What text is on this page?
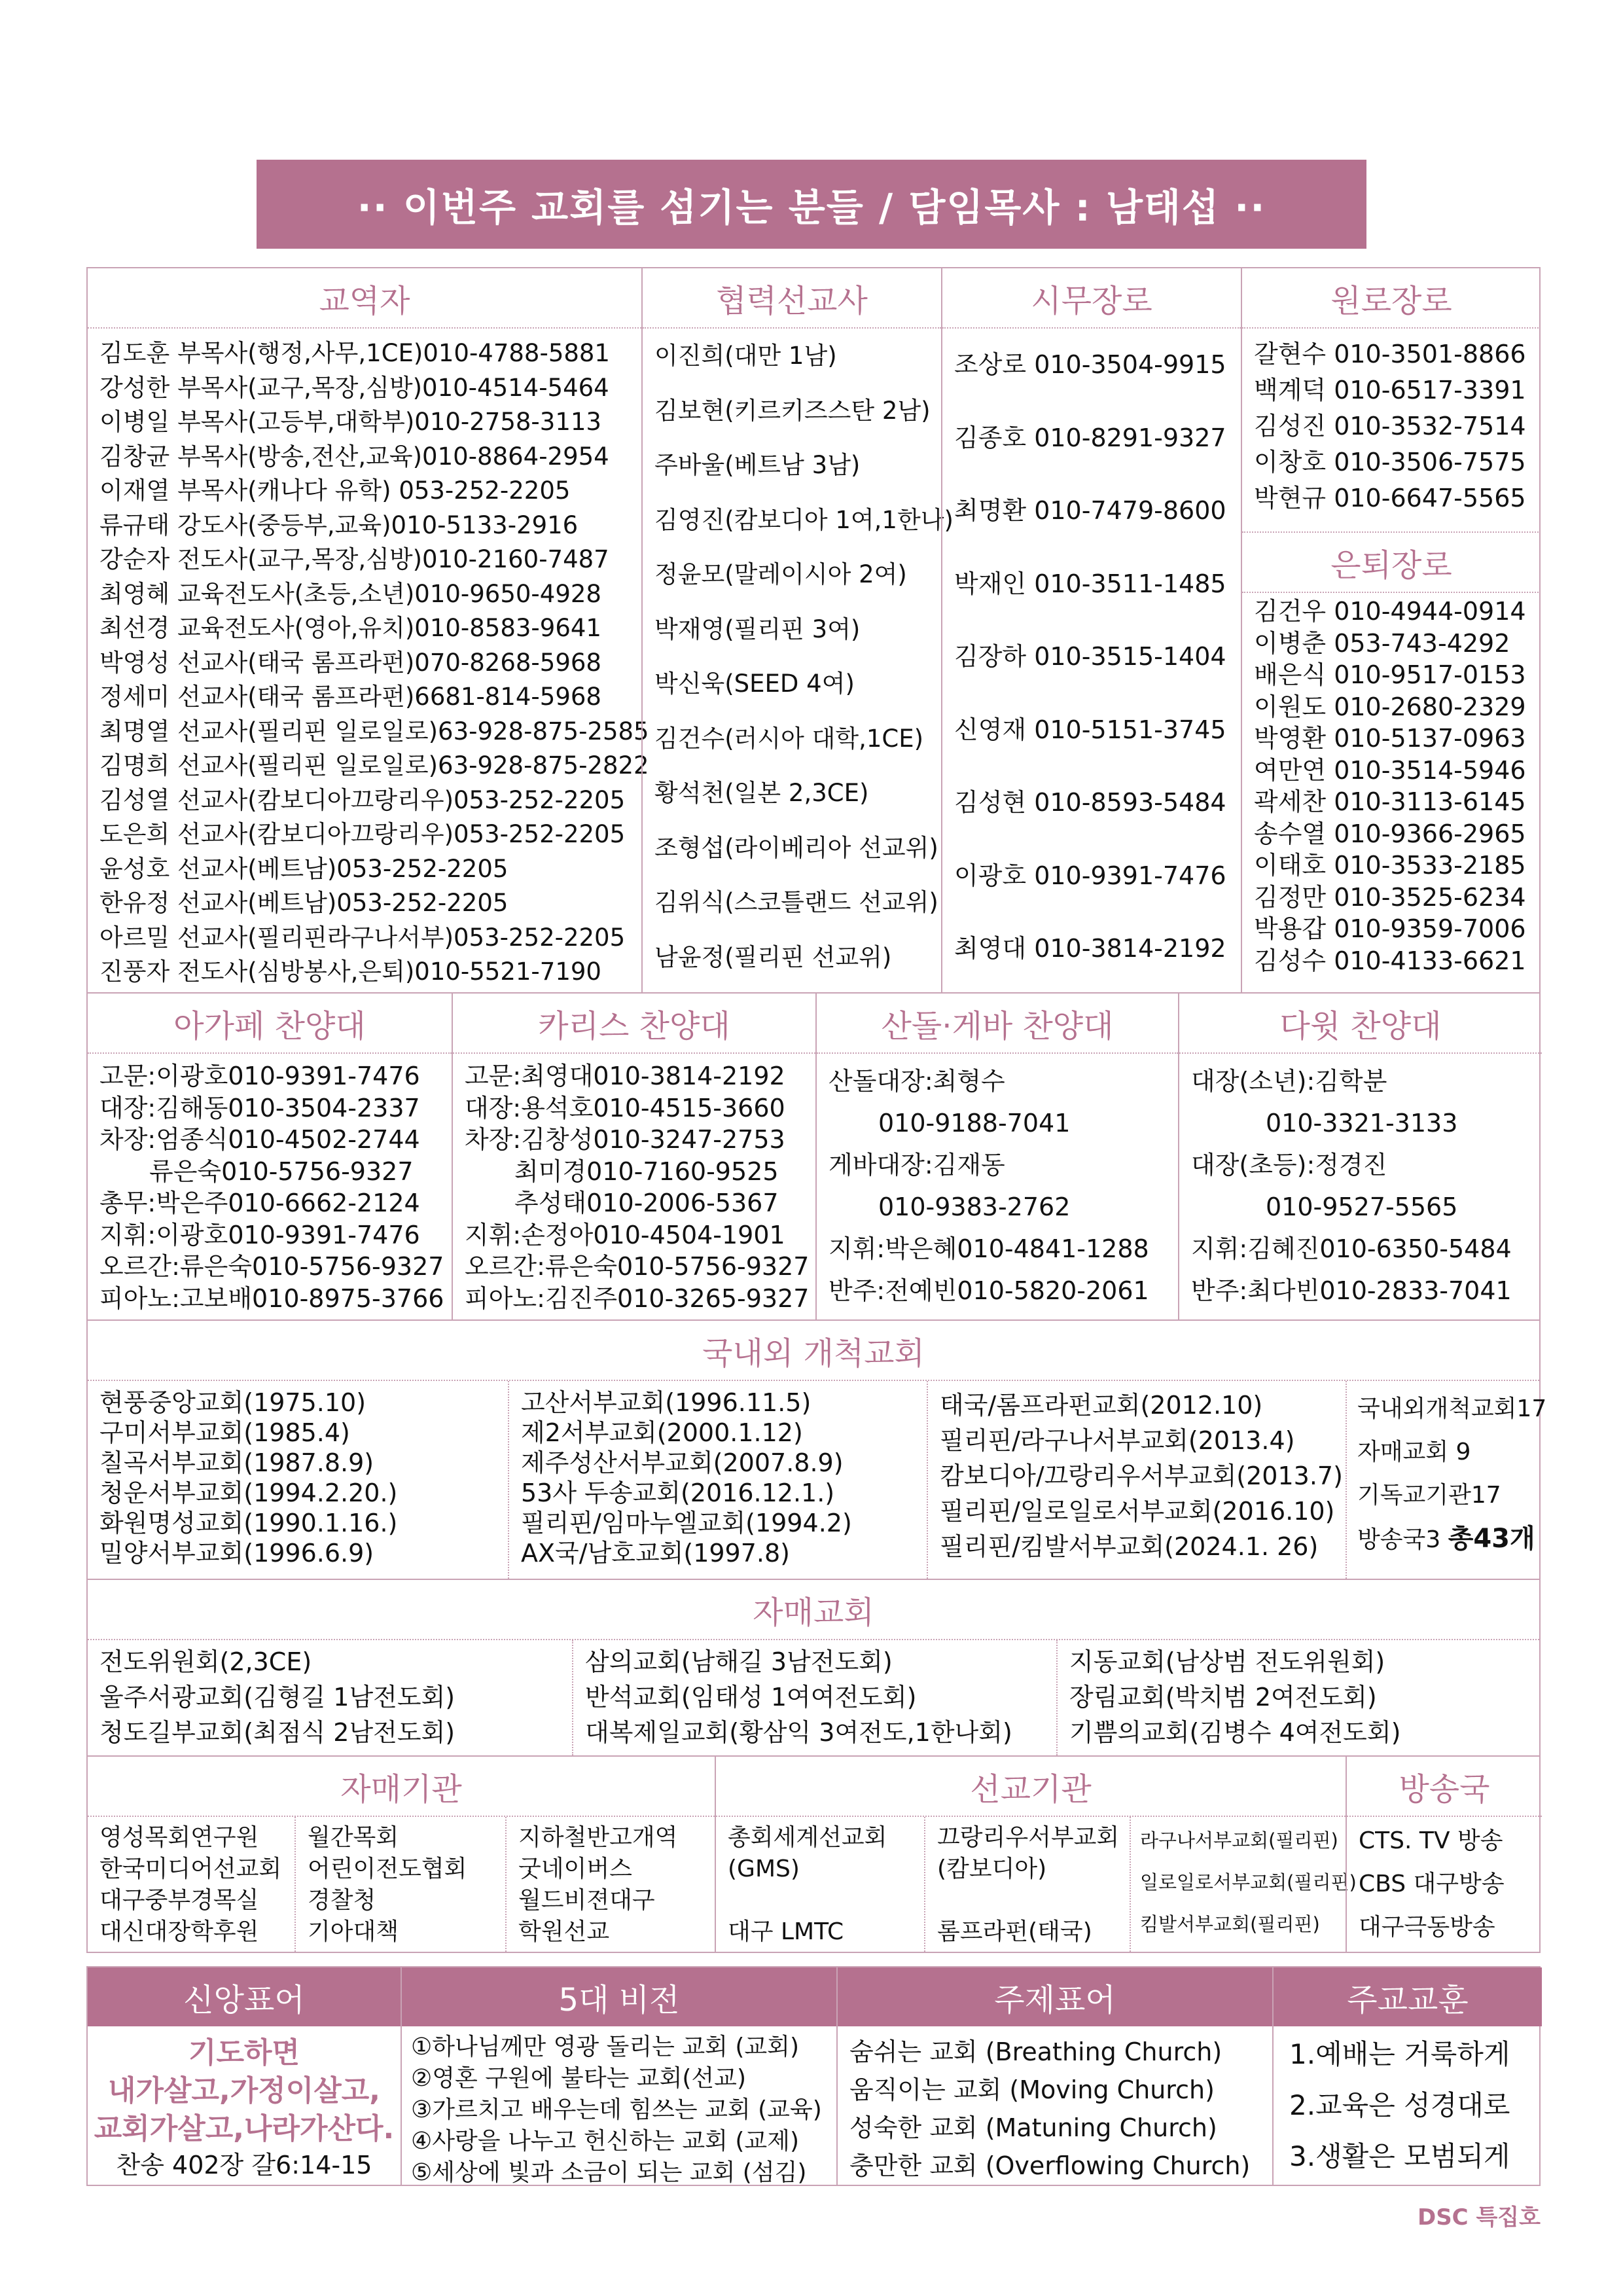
·· 이번주 교회를 섬기는 분들 / 담임목사 : 남태섭 ··
교역자
김도훈 부목사(행정,사무,1CE)010-4788-5881
강성한 부목사(교구,목장,심방)010-4514-5464
이병일 부목사(고등부,대학부)010-2758-3113
김창균 부목사(방송,전산,교육)010-8864-2954
이재열 부목사(캐나다 유학) 053-252-2205
류규태 강도사(중등부,교육)010-5133-2916
강순자 전도사(교구,목장,심방)010-2160-7487
최영혜 교육전도사(초등,소년)010-9650-4928
최선경 교육전도사(영아,유치)010-8583-9641
박영성 선교사(태국 롬프라펀)070-8268-5968
정세미 선교사(태국 롬프라펀)6681-814-5968
최명열 선교사(필리핀 일로일로)63-928-875-2585
김명희 선교사(필리핀 일로일로)63-928-875-2822
김성열 선교사(캄보디아끄랑리우)053-252-2205
도은희 선교사(캄보디아끄랑리우)053-252-2205
윤성호 선교사(베트남)053-252-2205
한유정 선교사(베트남)053-252-2205
아르밀 선교사(필리핀라구나서부)053-252-2205
진풍자 전도사(심방봉사,은퇴)010-5521-7190
협력선교사
이진희(대만 1남)
김보현(키르키즈스탄 2남)
주바울(베트남 3남)
김영진(캄보디아 1여,1한나)
정윤모(말레이시아 2여)
박재영(필리핀 3여)
박신욱(SEED 4여)
김건수(러시아 대학,1CE)
황석천(일본 2,3CE)
조형섭(라이베리아 선교위)
김위식(스코틀랜드 선교위)
남윤정(필리핀 선교위)
시무장로
조상로 010-3504-9915
김종호 010-8291-9327
최명환 010-7479-8600
박재인 010-3511-1485
김장하 010-3515-1404
신영재 010-5151-3745
김성현 010-8593-5484
이광호 010-9391-7476
최영대 010-3814-2192
원로장로
갈현수 010-3501-8866
백계덕 010-6517-3391
김성진 010-3532-7514
이창호 010-3506-7575
박현규 010-6647-5565
은퇴장로
김건우 010-4944-0914
이병춘 053-743-4292
배은식 010-9517-0153
이원도 010-2680-2329
박영환 010-5137-0963
여만연 010-3514-5946
곽세찬 010-3113-6145
송수열 010-9366-2965
이태호 010-3533-2185
김정만 010-3525-6234
박용갑 010-9359-7006
김성수 010-4133-6621
아가페 찬양대
고문:이광호010-9391-7476
대장:김해동010-3504-2337
차장:엄종식010-4502-2744
　　류은숙010-5756-9327
총무:박은주010-6662-2124
지휘:이광호010-9391-7476
오르간:류은숙010-5756-9327
피아노:고보배010-8975-3766
카리스 찬양대
고문:최영대010-3814-2192
대장:용석호010-4515-3660
차장:김창성010-3247-2753
　　최미경010-7160-9525
　　추성태010-2006-5367
지휘:손정아010-4504-1901
오르간:류은숙010-5756-9327
피아노:김진주010-3265-9327
산돌·게바 찬양대
산돌대장:최형수
　　010-9188-7041
게바대장:김재동
　　010-9383-2762
지휘:박은혜010-4841-1288
반주:전예빈010-5820-2061
다윗 찬양대
대장(소년):김학분
　　　010-3321-3133
대장(초등):정경진
　　　010-9527-5565
지휘:김혜진010-6350-5484
반주:최다빈010-2833-7041
국내외 개척교회
현풍중앙교회(1975.10)
구미서부교회(1985.4)
칠곡서부교회(1987.8.9)
청운서부교회(1994.2.20.)
화원명성교회(1990.1.16.)
밀양서부교회(1996.6.9)
고산서부교회(1996.11.5)
제2서부교회(2000.1.12)
제주성산서부교회(2007.8.9)
53사 두송교회(2016.12.1.)
필리핀/임마누엘교회(1994.2)
AX국/남호교회(1997.8)
태국/롬프라펀교회(2012.10)
필리핀/라구나서부교회(2013.4)
캄보디아/끄랑리우서부교회(2013.7)
필리핀/일로일로서부교회(2016.10)
필리핀/킴발서부교회(2024.1. 26)
국내외개척교회17
자매교회 9
기독교기관17
방송국3 총43개
자매교회
전도위원회(2,3CE)
울주서광교회(김형길 1남전도회)
청도길부교회(최점식 2남전도회)
삼의교회(남해길 3남전도회)
반석교회(임태성 1여여전도회)
대복제일교회(황삼익 3여전도,1한나회)
지동교회(남상범 전도위원회)
장림교회(박치범 2여전도회)
기쁨의교회(김병수 4여전도회)
자매기관
영성목회연구원
한국미디어선교회
대구중부경목실
대신대장학후원
월간목회
어린이전도협회
경찰청
기아대책
지하철반고개역
굿네이버스
월드비젼대구
학원선교
선교기관
총회세계선교회
(GMS)
대구 LMTC
끄랑리우서부교회
(캄보디아)
롬프라펀(태국)
라구나서부교회(필리핀)
일로일로서부교회(필리핀)
킴발서부교회(필리핀)
방송국
CTS. TV 방송
CBS 대구방송
대구극동방송
신앙표어
기도하면
내가살고,가정이살고,
교회가살고,나라가산다.
찬송 402장 갈6:14-15
5대 비전
①하나님께만 영광 돌리는 교회 (교회)
②영혼 구원에 불타는 교회(선교)
③가르치고 배우는데 힘쓰는 교회 (교육)
④사랑을 나누고 헌신하는 교회 (교제)
⑤세상에 빛과 소금이 되는 교회 (섬김)
주제표어
숨쉬는 교회 (Breathing Church)
움직이는 교회 (Moving Church)
성숙한 교회 (Matuning Church)
충만한 교회 (Overflowing Church)
주교교훈
1.예배는 거룩하게
2.교육은 성경대로
3.생활은 모범되게
DSC 특집호
